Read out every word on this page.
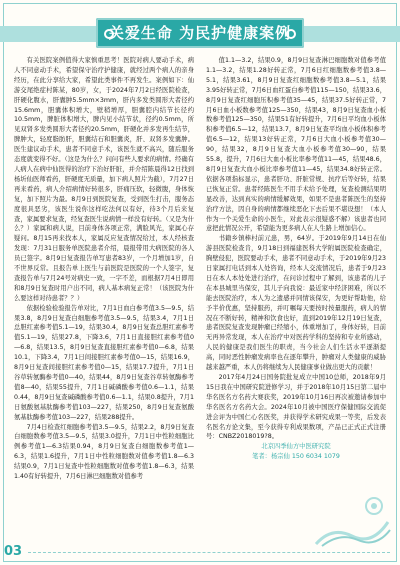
关爱生命 为民护健康案例

有关医院案例值得大家慎重思考！医院对病人要动手术，病人不同意动手术，希望保守治疗护健康，就经过两个病人的亲身经历，在此分享给大家，希望此类事件不再发生。案例如下：仙游交尾绝症村陈某，80岁，女，于2024年7月2日经医院检查，肝硬化腹水，肝囊肿5.5mm×3mm，肝内多发类圆形大者径约15.6mm，胆囊体积增大，壁稍增厚，胆囊腔内结节长径约10.5mm，脾脏体积增大，脾内见小结节状，径约0.5mm，所见双肾多发类圆形大者径约20.5mm，肝硬化并多发再生结节，脾肿大，轻度脂肪肝，胆囊结石和胆囊炎，肝、双肾多发囊肿。医生建议动手术，患者不同意手术，该医生就不高兴，随后服务态度就变得不好。（这是为什么？问问有些人要求的病情。经确有人病人在病中仙医得的治疗下治好肝脏，并介绍陈晨得12日找到杨圻仙医师看药，肝硬度无质量，加下病人照片为截），7月27日再来看药，病人介绍病情好转很多，肝痛压软，轻微腹，身体恢复，加下照片为最。8月9日到医院复查，受到医生打击，服务态度很具恶劣，该医生说你这样吃法何以有好，待3个月后来复查，家属要求复查，经复查医生说病情一样没有好转。（又是为什么？）家属和病人说，目前身体各项正常，满脸风光，家属心存疑问。8月15再来找本人，家属反应复查情况给过，本人经核查发现：7月31日服务单医院患者介绍，晨报带用大病医院的各人员已签字。8月9日复查报告单写患者83岁，一个月增加1岁，自不世界反常。且报告单上医生与前医院是医院的一个人签字，复查报告单与7月24号对病史一致，一字不差，而根据7月4日即用和8月9日复查时用户出不同，病人基本病复正常！（该医院为什么要这样对待患者？？）

依据检验检验报告单对比，7月1日血白参考值3.5—9.5，结果3.8，8月9日复查白细胞参考值3.5—9.5，结果3.4，7月1日总胆红素参考值5.1—19，结果30.4，8月9日复查总胆红素参考值5.1—19，结果27.8，下降3.6，7月1日直接胆红素参考值0—6.8，结果13.5，8月9日复查直接胆红素参考值0—6.8，结果10.1，下降3.4，7月1日间接胆红素参考值0—15，结果16.9，8月9日复查间接胆红素参考值0—15，结果17.7提升，7月1日谷草转氨酶参考值0—40，结果44，8月9日复查谷草转氨酶参考值8—40，结果55提升，7月1日碱磷酸参考值0.6—1.1，结果0.44，8月9日复查碱磷酸参考值0.6—1.1，结果0.8提升，7月1日氨酸氨基肽酶参考值103—227，结果250，8月9日复查氨酸氨基肽酶参考值103—227，结果288提升。

7月4日检查红细胞参考值3.5—9.5，结果2.2，8月9日复查白细胞数参考值3.5—9.5，结果3.0提升，7月1日中性粒细胞比例参考值1—6.3结果0.94，8月9日复查白细胞数参考值1—6.3，结果1.6提升，7月1日中性粒细胞数对值参考值1.8—6.3结果0.9，7月1日复查中性粒细胞数对值参考值1.8—6.3，结果1.40有好转提升，7月6日淋巴细胞数对值参考

值1.1—3.2，结果0.9，8月9日复查淋巴细胞数对值参考值1.1—3.2，结果1.28好转正常，7月6日红细胞数参考值3.8—5.1，结果3.61，8月9日复查红细胞数参考值3.8—5.1，结果3.95好转正常，7月6日血红蛋白参考值115—150，结果33.6，8月9日复查红细胞压积参考值35—45，结果37.5好转正常，7月6日血小板数参考值125—350，结果43，8月9日复查血小板数参考值125—350，结果51有好转提升，7月6日平均血小板体积参考值6.5—12，结果13.7，8月9日复查平均血小板体积参考值6.5—12，结果13好转正常，7月6日大血小板参考值30—90，结果32，8月9日复查大血小板参考值30—90，结果55.8，提升，7月6日大血小板比率参考值11—45，结果48.6，8月9日复查大血小板比率参考值11—45，结果34.8好转正常。依据各项指标显示，患者肝功、肝脏常规、抗疗后等好转，结果已恢复正常。患者经陈医生不用手术给予处理，复查检测结果明显改善，达到真实的病情缓解效果，如果不是患者陈医生的坚持治疗方法，因自身的病情都继续恶化下去后果不堪设想！（本人作为一个关爱生命的小医生，对此表示很疑惑不解）该患者也同意把此情况公开，希望能为更多病人在人生路上增加信心。

书籍乡镇棒村前元患，男，64岁。于2019年9月14日在仙游县医院检查肯，9月18日到福建医科大学附属医院检查确定，胸壁侵犯，医院要动手术，患者不同意动手术，于2019年9月23日家属打电话到本人处咨询，经本人交流情况后，患者于9月23日在本人本处处进行治疗，在问诊过程中了解到，该患者的儿子在本县城里当保安，其儿子向我说：最近家中经济困难，所以不能去医院治疗，本人为之遗感并同情该保安，为更好帮助他，给予半价优惠，坚持服药，并叮嘱每天要按时按量服药，病人的情况在不断好转，精神和饮食也好，直到2019年12月19日复查，患者医院复查发现肿瘤已经缩小，体重增加了，身体好转，目前无再异常发现，本人在治疗中对医药学科的坚持和专业所感动，人民的健康是我们医生的职责，当今社会人们生活水平逐渐提高，同时恶性肿瘤发病率也在逐年攀升，肿瘤对人类健康的威胁越来越严重，本人仍将继续为人民健康事业做出更大的贡献！

2017年4月24日国务院批复成立中国10总师，2018年9月15日我在中国研究院进修学习，并于2018年10月15日第二届中华名医名方名药大赛获奖，2019年10月16日再次被邀请参加中华名医名方名药大会。2024年10月被中国医疗保健国际交流促进会评为中国仁心名医奖，并获得学术研究成果一等奖，后发表名医名方论文集，至今获得专利成果数项，产品已正式正式注册号：CNBZ2018019?8。

北京四季仙方中医研究院

笔者：杨宗仙 150 6034 1079

03
